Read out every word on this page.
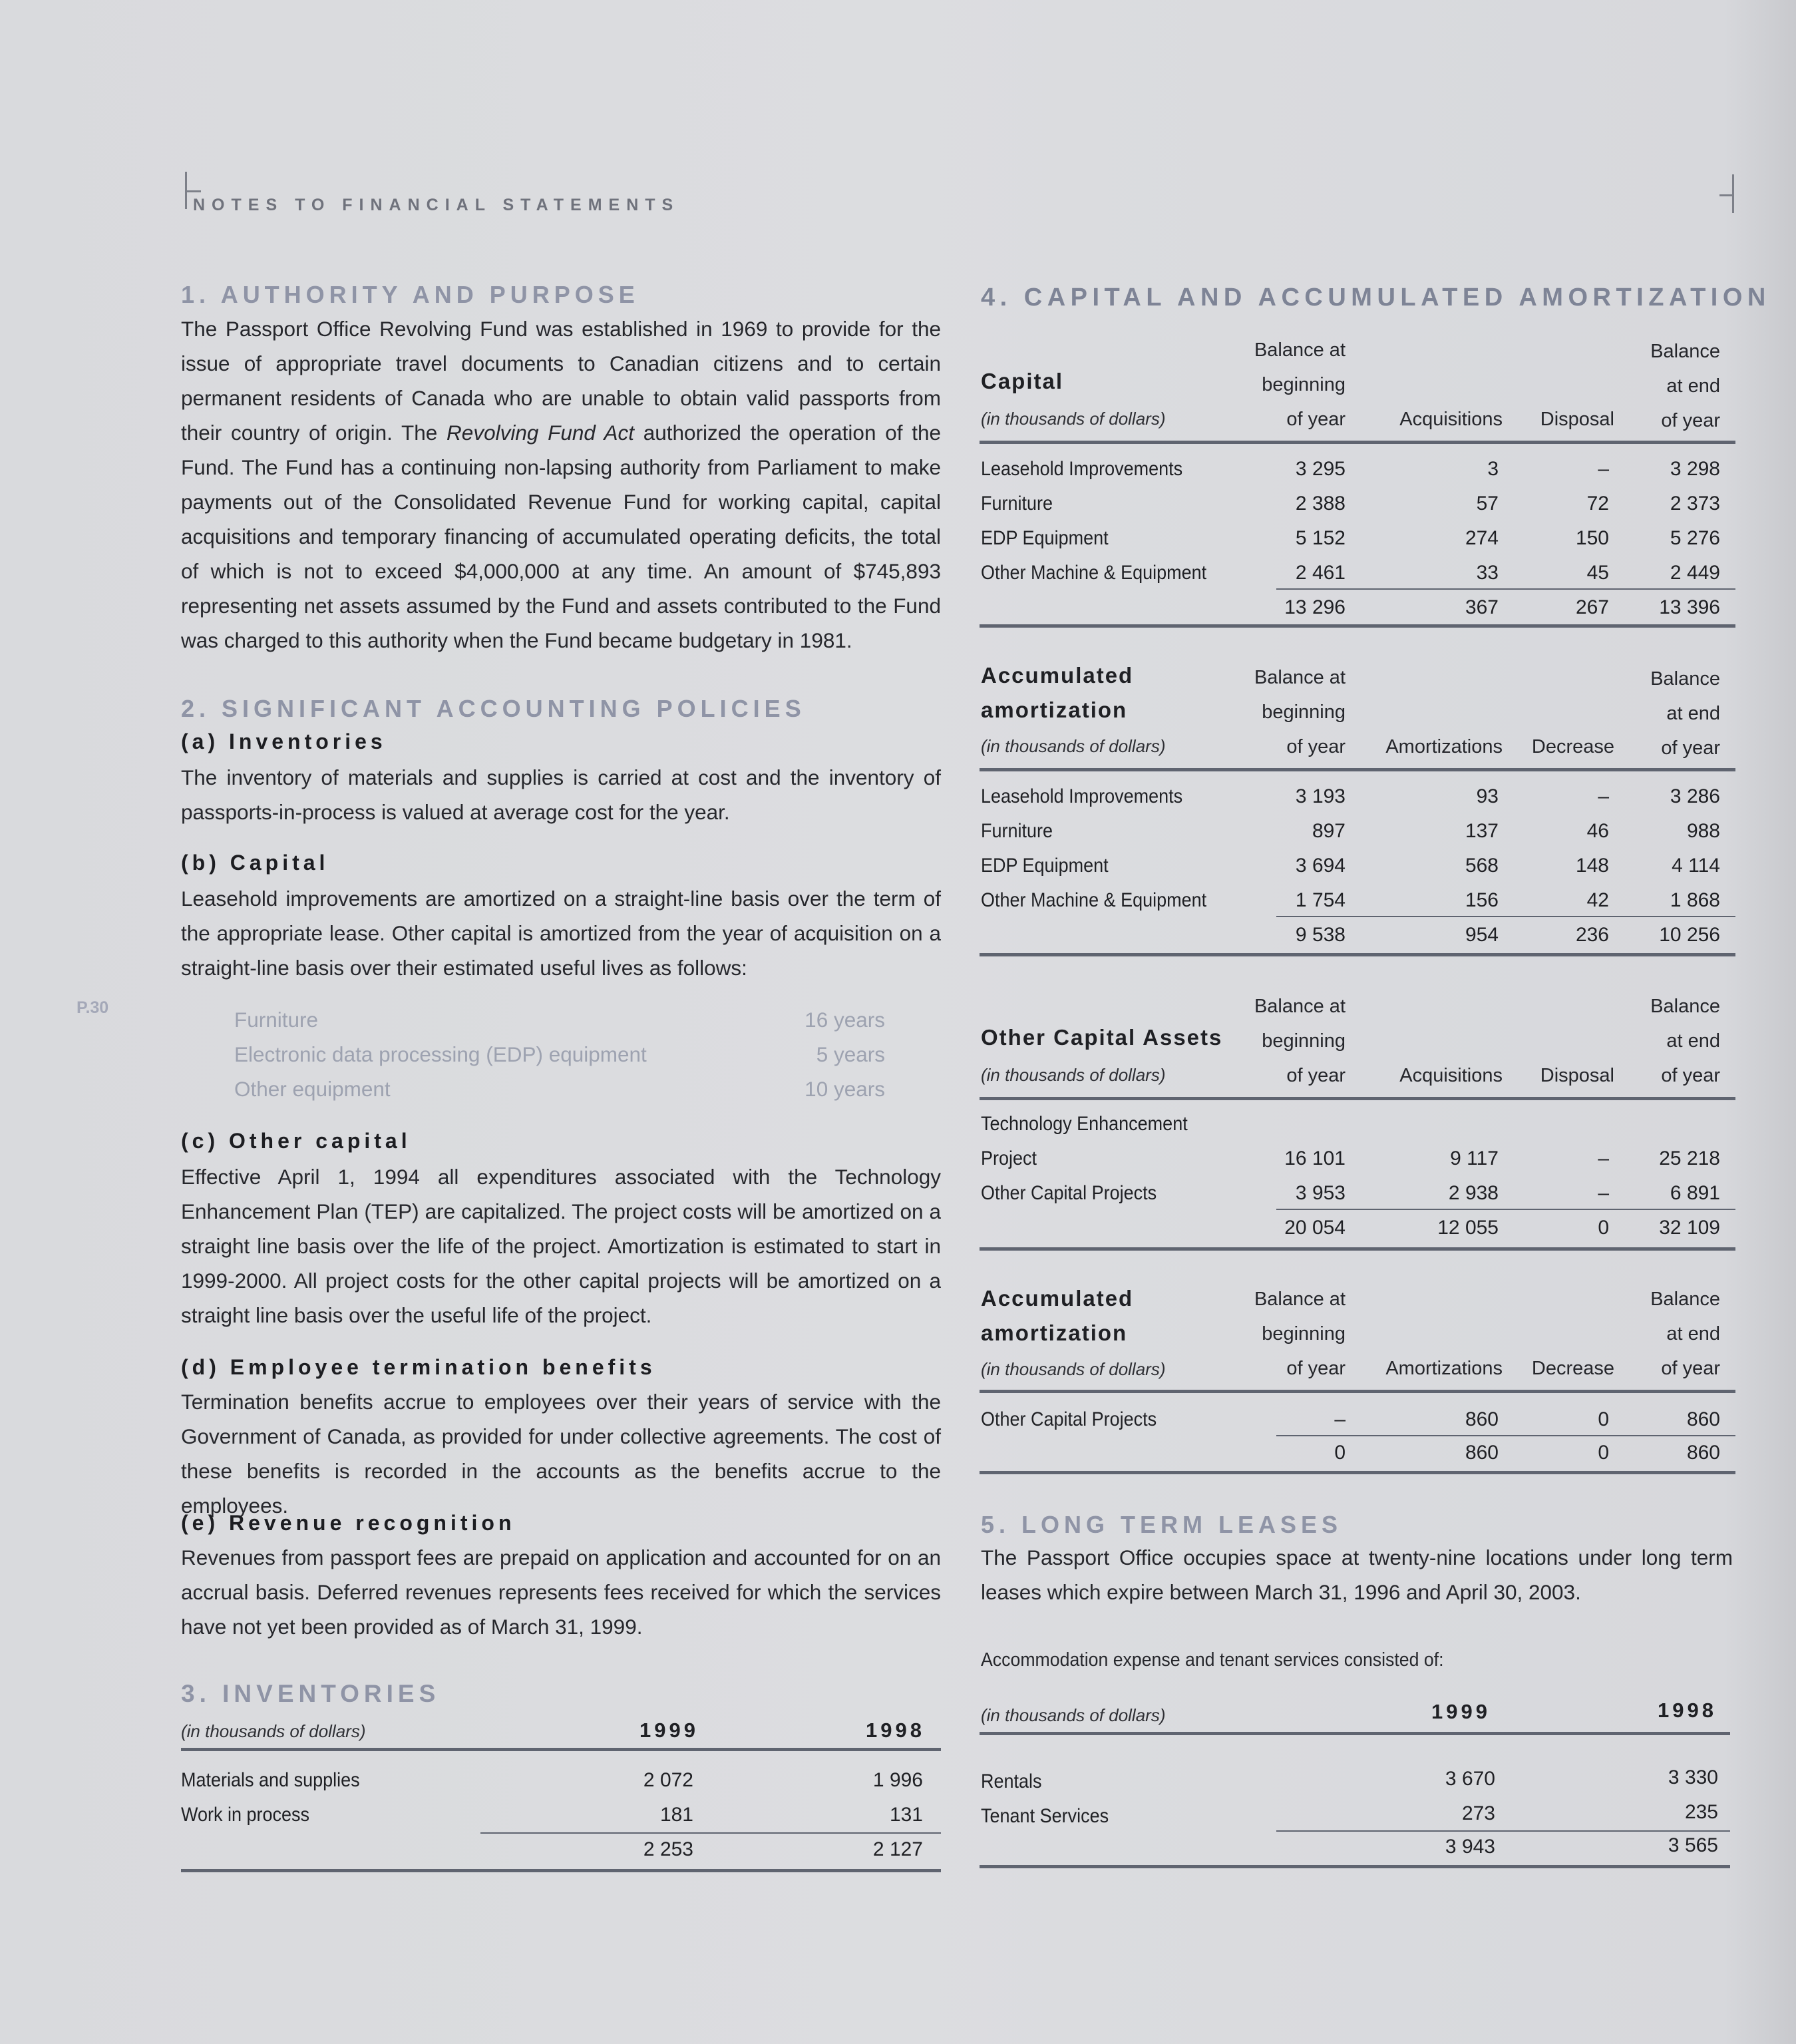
NOTES TO FINANCIAL STATEMENTS
P.30
1. AUTHORITY AND PURPOSE
The Passport Office Revolving Fund was established in 1969 to provide for the issue of appropriate travel documents to Canadian citizens and to certain permanent residents of Canada who are unable to obtain valid passports from their country of origin. The Revolving Fund Act authorized the operation of the Fund. The Fund has a continuing non-lapsing authority from Parliament to make payments out of the Consolidated Revenue Fund for working capital, capital acquisitions and temporary financing of accumulated operating deficits, the total of which is not to exceed $4,000,000 at any time. An amount of $745,893 representing net assets assumed by the Fund and assets contributed to the Fund was charged to this authority when the Fund became budgetary in 1981.
2. SIGNIFICANT ACCOUNTING POLICIES
(a) Inventories
The inventory of materials and supplies is carried at cost and the inventory of passports-in-process is valued at average cost for the year.
(b) Capital
Leasehold improvements are amortized on a straight-line basis over the term of the appropriate lease. Other capital is amortized from the year of acquisition on a straight-line basis over their estimated useful lives as follows:
Furniture	16 years
Electronic data processing (EDP) equipment	5 years
Other equipment	10 years
(c) Other capital
Effective April 1, 1994 all expenditures associated with the Technology Enhancement Plan (TEP) are capitalized. The project costs will be amortized on a straight line basis over the life of the project. Amortization is estimated to start in 1999-2000. All project costs for the other capital projects will be amortized on a straight line basis over the useful life of the project.
(d) Employee termination benefits
Termination benefits accrue to employees over their years of service with the Government of Canada, as provided for under collective agreements. The cost of these benefits is recorded in the accounts as the benefits accrue to the employees.
(e) Revenue recognition
Revenues from passport fees are prepaid on application and accounted for on an accrual basis. Deferred revenues represents fees received for which the services have not yet been provided as of March 31, 1999.
3. INVENTORIES
(in thousands of dollars)	1999	1998
Materials and supplies	2 072	1 996
Work in process	181	131
2 253	2 127
4. CAPITAL AND ACCUMULATED AMORTIZATION
Balance at
beginning
of year	Acquisitions	Disposal
Balance
at end
of year
Capital
(in thousands of dollars)
Leasehold Improvements	3 295	3	–	3 298
Furniture	2 388	57	72	2 373
EDP Equipment	5 152	274	150	5 276
Other Machine & Equipment	2 461	33	45	2 449
13 296	367	267	13 396
Accumulated
amortization
(in thousands of dollars)
Balance at
beginning
of year	Amortizations	Decrease
Balance
at end
of year
Leasehold Improvements	3 193	93	–	3 286
Furniture	897	137	46	988
EDP Equipment	3 694	568	148	4 114
Other Machine & Equipment	1 754	156	42	1 868
9 538	954	236	10 256
Balance at
beginning
of year	Acquisitions	Disposal
Balance
at end
of year
Other Capital Assets
(in thousands of dollars)
Technology Enhancement
Project	16 101	9 117	–	25 218
Other Capital Projects	3 953	2 938	–	6 891
20 054	12 055	0	32 109
Accumulated
amortization
(in thousands of dollars)
Balance at
beginning
of year	Amortizations	Decrease
Balance
at end
of year
Other Capital Projects	–	860	0	860
0	860	0	860
5. LONG TERM LEASES
The Passport Office occupies space at twenty-nine locations under long term leases which expire between March 31, 1996 and April 30, 2003.
Accommodation expense and tenant services consisted of:
(in thousands of dollars)	1999	1998
Rentals	3 670	3 330
Tenant Services	273	235
3 943	3 565
